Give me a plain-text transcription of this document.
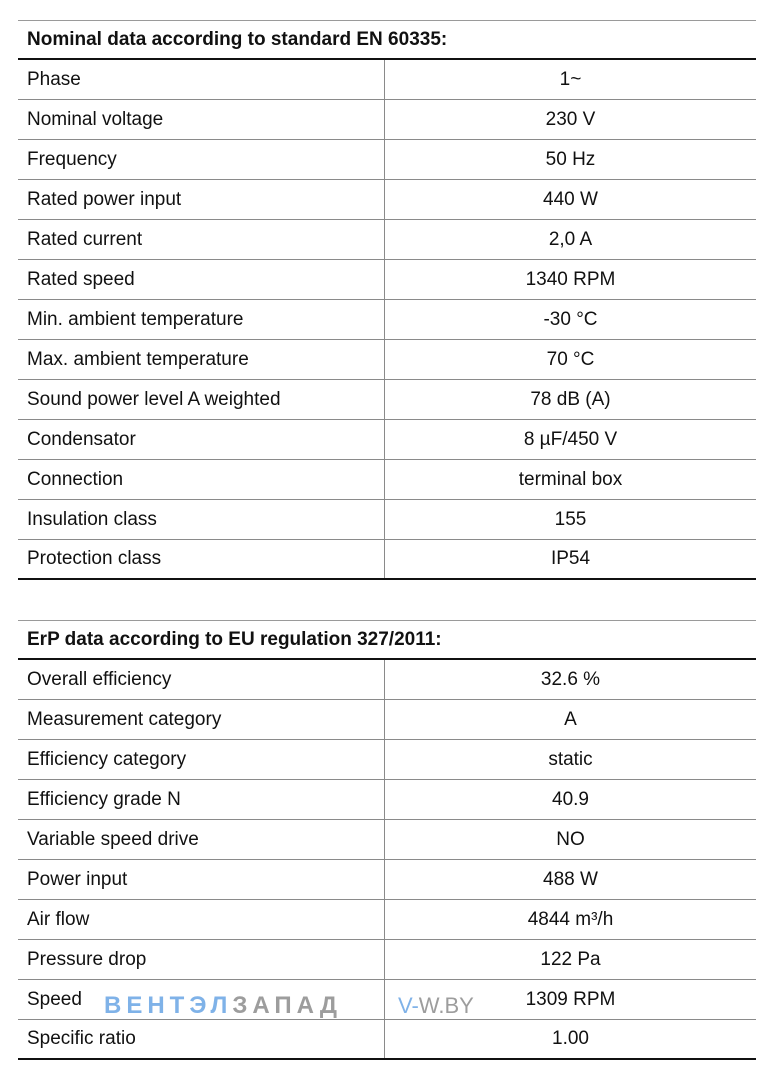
Nominal data according to standard EN 60335:
Phase	1~
Nominal voltage	230 V
Frequency	50 Hz
Rated power input	440 W
Rated current	2,0 A
Rated speed	1340 RPM
Min. ambient temperature	-30 °C
Max. ambient temperature	70 °C
Sound power level A weighted	78 dB (A)
Condensator	8 µF/450 V
Connection	terminal box
Insulation class	155
Protection class	IP54
ErP data according to EU regulation 327/2011:
Overall efficiency	32.6 %
Measurement category	A
Efficiency category	static
Efficiency grade N	40.9
Variable speed drive	NO
Power input	488 W
Air flow	4844 m³/h
Pressure drop	122 Pa
Speed	1309 RPM
Specific ratio	1.00
ВЕНТЭЛЗАПАД	V-W.BY
